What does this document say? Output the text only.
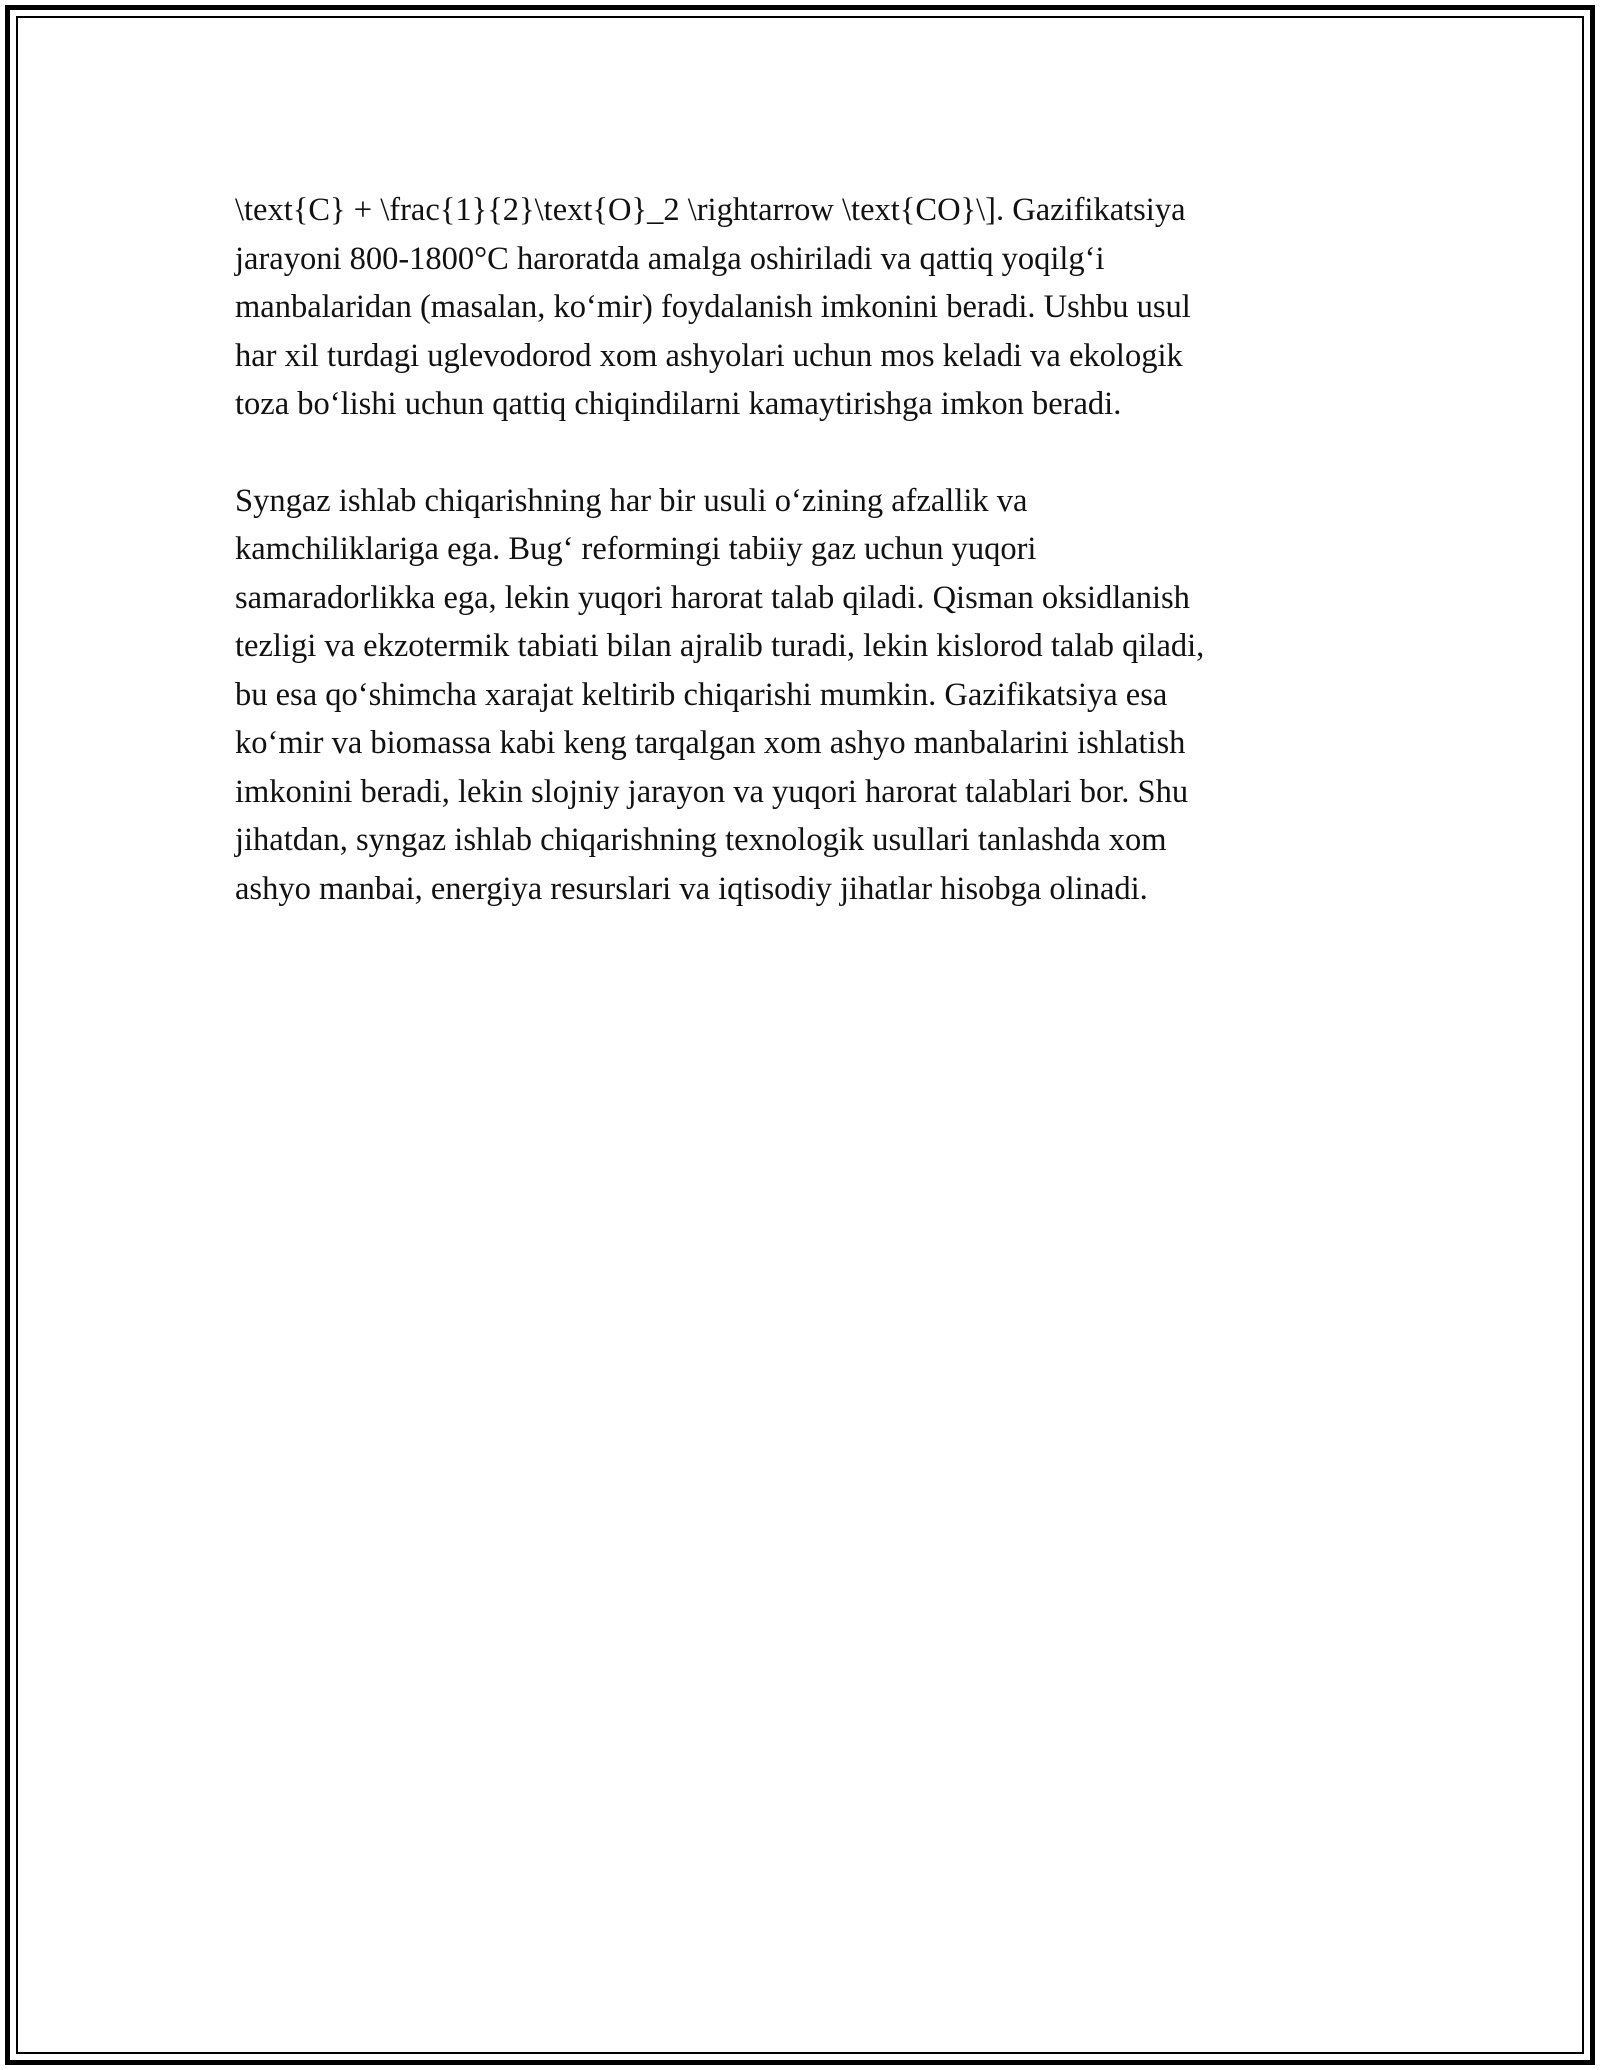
\text{C} + \frac{1}{2}\text{O}_2 \rightarrow \text{CO}\]. Gazifikatsiya
jarayoni 800-1800°C haroratda amalga oshiriladi va qattiq yoqilg‘i
manbalaridan (masalan, ko‘mir) foydalanish imkonini beradi. Ushbu usul
har xil turdagi uglevodorod xom ashyolari uchun mos keladi va ekologik
toza bo‘lishi uchun qattiq chiqindilarni kamaytirishga imkon beradi.

Syngaz ishlab chiqarishning har bir usuli o‘zining afzallik va
kamchiliklariga ega. Bug‘ reformingi tabiiy gaz uchun yuqori
samaradorlikka ega, lekin yuqori harorat talab qiladi. Qisman oksidlanish
tezligi va ekzotermik tabiati bilan ajralib turadi, lekin kislorod talab qiladi,
bu esa qo‘shimcha xarajat keltirib chiqarishi mumkin. Gazifikatsiya esa
ko‘mir va biomassa kabi keng tarqalgan xom ashyo manbalarini ishlatish
imkonini beradi, lekin slojniy jarayon va yuqori harorat talablari bor. Shu
jihatdan, syngaz ishlab chiqarishning texnologik usullari tanlashda xom
ashyo manbai, energiya resurslari va iqtisodiy jihatlar hisobga olinadi.
